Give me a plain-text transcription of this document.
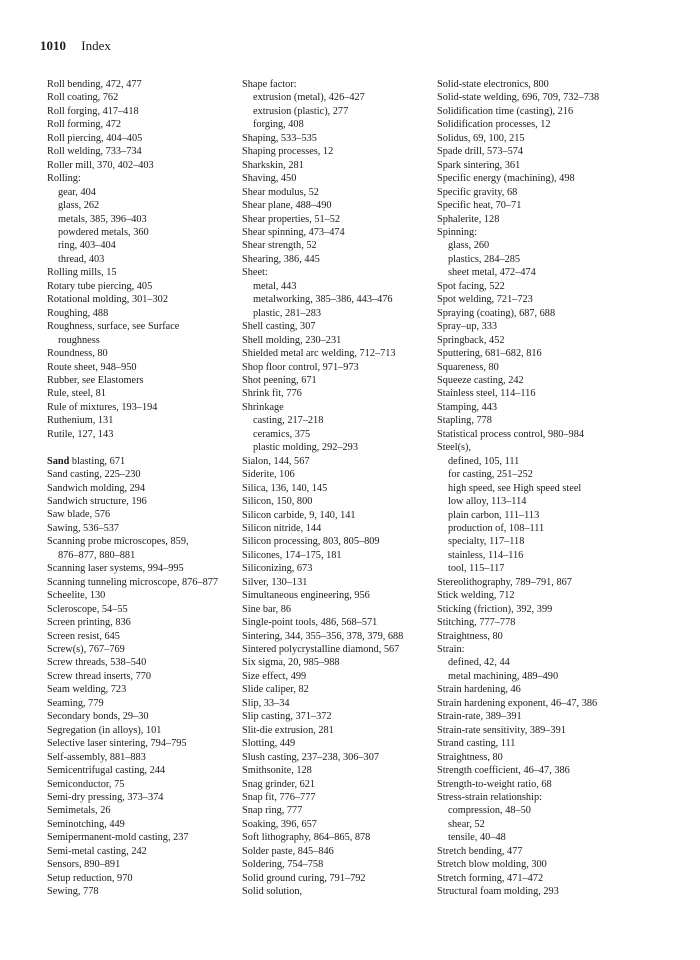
1010 Index
Roll bending, 472, 477
Roll coating, 762
Roll forging, 417–418
Roll forming, 472
Roll piercing, 404–405
Roll welding, 733–734
Roller mill, 370, 402–403
Rolling:
gear, 404
glass, 262
metals, 385, 396–403
powdered metals, 360
ring, 403–404
thread, 403
Rolling mills, 15
Rotary tube piercing, 405
Rotational molding, 301–302
Roughing, 488
Roughness, surface, see Surface
roughness
Roundness, 80
Route sheet, 948–950
Rubber, see Elastomers
Rule, steel, 81
Rule of mixtures, 193–194
Ruthenium, 131
Rutile, 127, 143
Sand blasting, 671
Sand casting, 225–230
Sandwich molding, 294
Sandwich structure, 196
Saw blade, 576
Sawing, 536–537
Scanning probe microscopes, 859,
876–877, 880–881
Scanning laser systems, 994–995
Scanning tunneling microscope, 876–877
Scheelite, 130
Scleroscope, 54–55
Screen printing, 836
Screen resist, 645
Screw(s), 767–769
Screw threads, 538–540
Screw thread inserts, 770
Seam welding, 723
Seaming, 779
Secondary bonds, 29–30
Segregation (in alloys), 101
Selective laser sintering, 794–795
Self-assembly, 881–883
Semicentrifugal casting, 244
Semiconductor, 75
Semi-dry pressing, 373–374
Semimetals, 26
Seminotching, 449
Semipermanent-mold casting, 237
Semi-metal casting, 242
Sensors, 890–891
Setup reduction, 970
Sewing, 778
Shape factor:
extrusion (metal), 426–427
extrusion (plastic), 277
forging, 408
Shaping, 533–535
Shaping processes, 12
Sharkskin, 281
Shaving, 450
Shear modulus, 52
Shear plane, 488–490
Shear properties, 51–52
Shear spinning, 473–474
Shear strength, 52
Shearing, 386, 445
Sheet:
metal, 443
metalworking, 385–386, 443–476
plastic, 281–283
Shell casting, 307
Shell molding, 230–231
Shielded metal arc welding, 712–713
Shop floor control, 971–973
Shot peening, 671
Shrink fit, 776
Shrinkage
casting, 217–218
ceramics, 375
plastic molding, 292–293
Sialon, 144, 567
Siderite, 106
Silica, 136, 140, 145
Silicon, 150, 800
Silicon carbide, 9, 140, 141
Silicon nitride, 144
Silicon processing, 803, 805–809
Silicones, 174–175, 181
Siliconizing, 673
Silver, 130–131
Simultaneous engineering, 956
Sine bar, 86
Single-point tools, 486, 568–571
Sintering, 344, 355–356, 378, 379, 688
Sintered polycrystalline diamond, 567
Six sigma, 20, 985–988
Size effect, 499
Slide caliper, 82
Slip, 33–34
Slip casting, 371–372
Slit-die extrusion, 281
Slotting, 449
Slush casting, 237–238, 306–307
Smithsonite, 128
Snag grinder, 621
Snap fit, 776–777
Snap ring, 777
Soaking, 396, 657
Soft lithography, 864–865, 878
Solder paste, 845–846
Soldering, 754–758
Solid ground curing, 791–792
Solid solution,
Solid-state electronics, 800
Solid-state welding, 696, 709, 732–738
Solidification time (casting), 216
Solidification processes, 12
Solidus, 69, 100, 215
Spade drill, 573–574
Spark sintering, 361
Specific energy (machining), 498
Specific gravity, 68
Specific heat, 70–71
Sphalerite, 128
Spinning:
glass, 260
plastics, 284–285
sheet metal, 472–474
Spot facing, 522
Spot welding, 721–723
Spraying (coating), 687, 688
Spray–up, 333
Springback, 452
Sputtering, 681–682, 816
Squareness, 80
Squeeze casting, 242
Stainless steel, 114–116
Stamping, 443
Stapling, 778
Statistical process control, 980–984
Steel(s),
defined, 105, 111
for casting, 251–252
high speed, see High speed steel
low alloy, 113–114
plain carbon, 111–113
production of, 108–111
specialty, 117–118
stainless, 114–116
tool, 115–117
Stereolithography, 789–791, 867
Stick welding, 712
Sticking (friction), 392, 399
Stitching, 777–778
Straightness, 80
Strain:
defined, 42, 44
metal machining, 489–490
Strain hardening, 46
Strain hardening exponent, 46–47, 386
Strain-rate, 389–391
Strain-rate sensitivity, 389–391
Strand casting, 111
Straightness, 80
Strength coefficient, 46–47, 386
Strength-to-weight ratio, 68
Stress-strain relationship:
compression, 48–50
shear, 52
tensile, 40–48
Stretch bending, 477
Stretch blow molding, 300
Stretch forming, 471–472
Structural foam molding, 293
